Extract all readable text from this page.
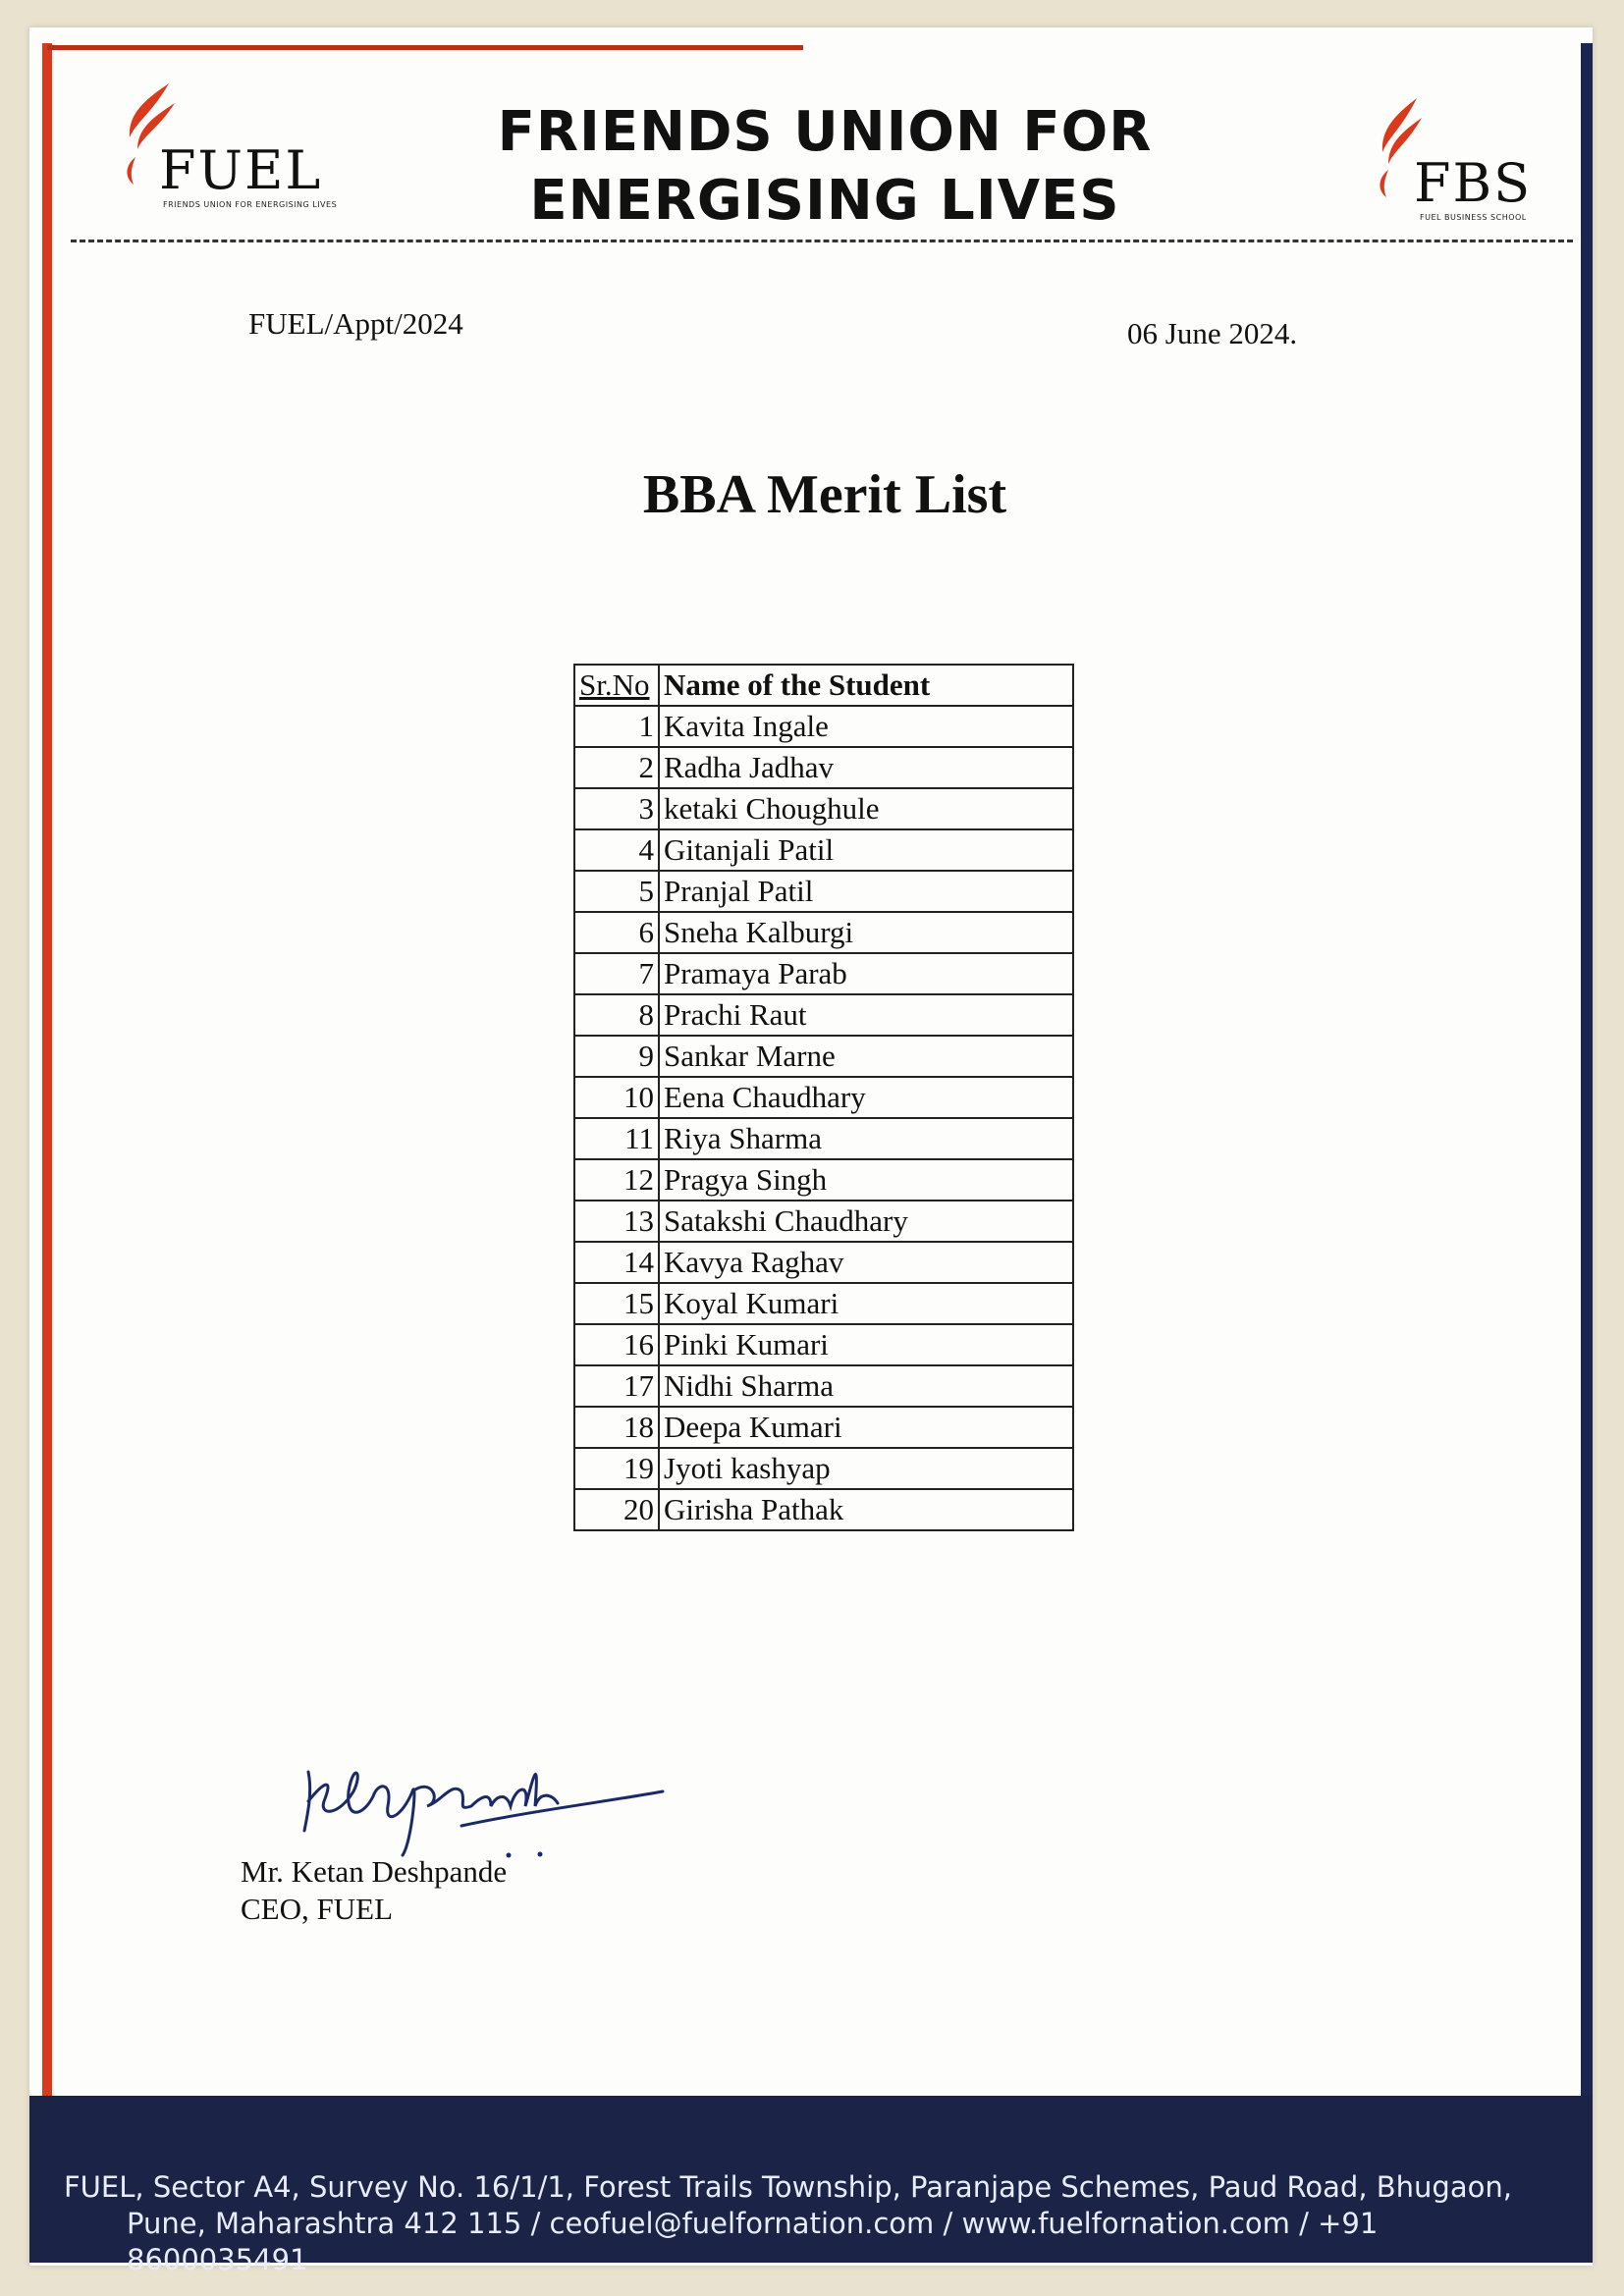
FUEL
FRIENDS UNION FOR ENERGISING LIVES
FRIENDS UNION FOR
ENERGISING LIVES	FBS
FUEL BUSINESS SCHOOL
FUEL/Appt/2024	06 June 2024.
BBA Merit List
Sr.No	Name of the Student
1	Kavita Ingale
2	Radha Jadhav
3	ketaki Choughule
4	Gitanjali Patil
5	Pranjal Patil
6	Sneha Kalburgi
7	Pramaya Parab
8	Prachi Raut
9	Sankar Marne
10	Eena Chaudhary
11	Riya Sharma
12	Pragya Singh
13	Satakshi Chaudhary
14	Kavya Raghav
15	Koyal Kumari
16	Pinki Kumari
17	Nidhi Sharma
18	Deepa Kumari
19	Jyoti kashyap
20	Girisha Pathak
Mr. Ketan Deshpande
CEO, FUEL
FUEL, Sector A4, Survey No. 16/1/1, Forest Trails Township, Paranjape Schemes, Paud Road, Bhugaon,
Pune, Maharashtra 412 115 / ceofuel@fuelfornation.com / www.fuelfornation.com / +91 8600035491
